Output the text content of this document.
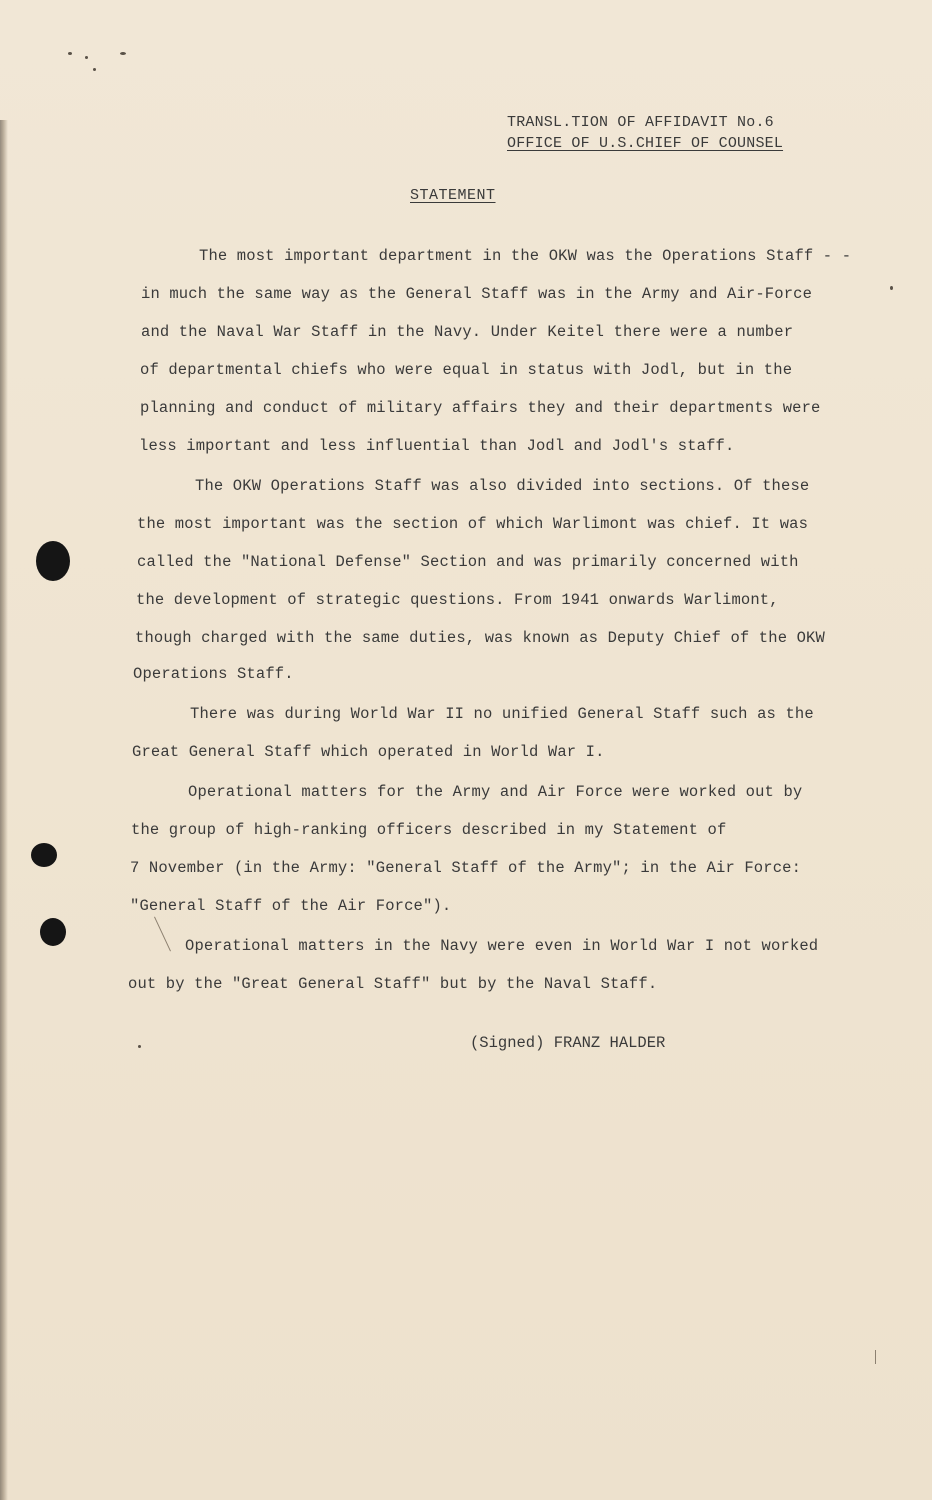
TRANSL.TION OF AFFIDAVIT No.6
OFFICE OF U.S.CHIEF OF COUNSEL
STATEMENT
The most important department in the OKW was the Operations Staff - -
in much the same way as the General Staff was in the Army and Air-Force
and the Naval War Staff in the Navy. Under Keitel there were a number
of departmental chiefs who were equal in status with Jodl, but in the
planning and conduct of military affairs they and their departments were
less important and less influential than Jodl and Jodl's staff.
The OKW Operations Staff was also divided into sections. Of these
the most important was the section of which Warlimont was chief. It was
called the "National Defense" Section and was primarily concerned with
the development of strategic questions. From 1941 onwards Warlimont,
though charged with the same duties, was known as Deputy Chief of the OKW
Operations Staff.
There was during World War II no unified General Staff such as the
Great General Staff which operated in World War I.
Operational matters for the Army and Air Force were worked out by
the group of high-ranking officers described in my Statement of
7 November (in the Army: "General Staff of the Army"; in the Air Force:
"General Staff of the Air Force").
Operational matters in the Navy were even in World War I not worked
out by the "Great General Staff" but by the Naval Staff.
(Signed) FRANZ HALDER
